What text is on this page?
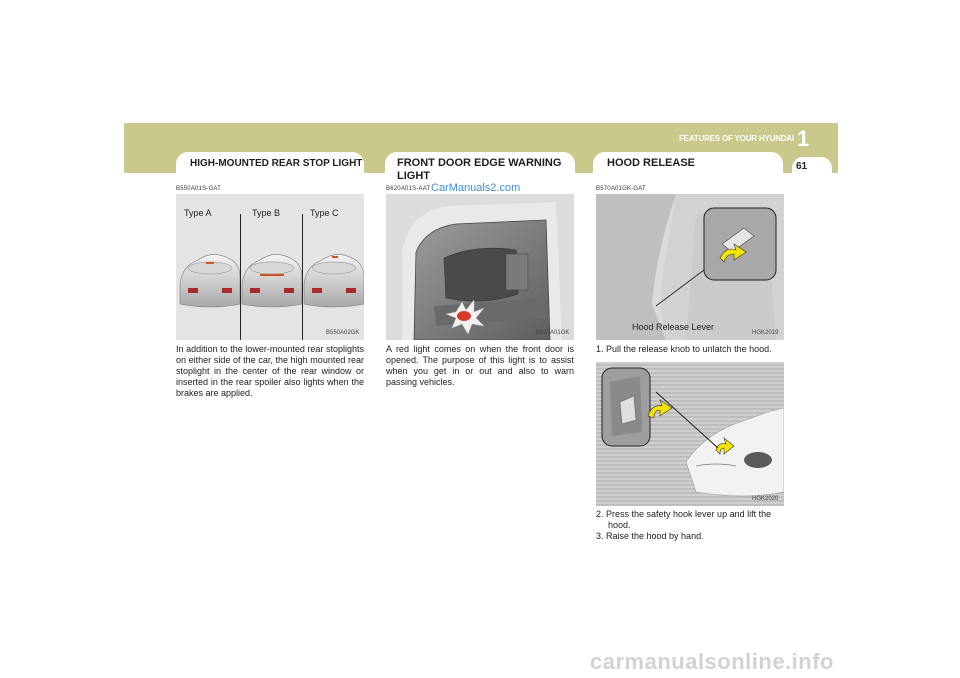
FEATURES OF YOUR HYUNDAI 1
61
HIGH-MOUNTED REAR STOP LIGHT	FRONT DOOR EDGE WARNING LIGHT
HOOD RELEASE
B550A01S-GAT	B620A01S-AAT CarManuals2.com	B570A01GK-GAT
Type A	Type B	Type C
B550A02GK	B620A01GK
Hood Release Lever
HGK2019
HGK2020
In addition to the lower-mounted rear stoplights on either side of the car, the high mounted rear stoplight in the center of the rear window or inserted in the rear spoiler also lights when the brakes are applied.
A red light comes on when the front door is opened. The purpose of this light is to assist when you get in or out and also to warn passing vehicles.
1. Pull the release knob to unlatch the hood.
2. Press the safety hook lever up and lift the hood.
3. Raise the hood by hand.
carmanualsonline.info
